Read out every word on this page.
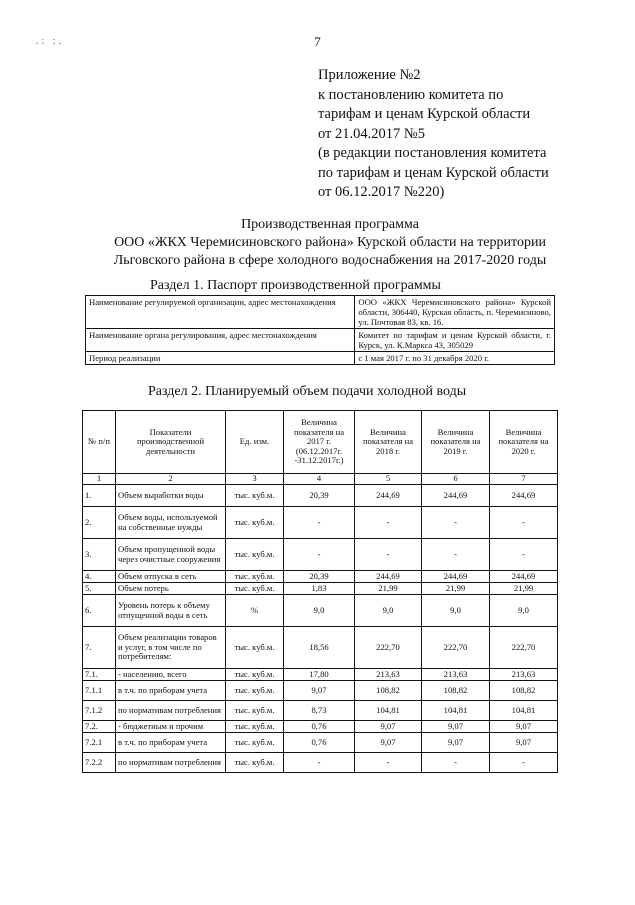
.: :.	7
Приложение №2
к постановлению комитета по
тарифам и ценам Курской области
от 21.04.2017 №5
(в редакции постановления комитета
по тарифам и ценам Курской области
от 06.12.2017 №220)
Производственная программа
ООО «ЖКХ Черемисиновского района» Курской области на территории
Льговского района в сфере холодного водоснабжения на 2017-2020 годы
Раздел 1. Паспорт производственной программы
Наименование регулируемой организации, адрес местонахождения	ООО «ЖКХ Черемисиновского района» Курской области, 306440, Курская область, п. Черемисиново, ул. Почтовая 83, кв. 16.
Наименование органа регулирования, адрес местонахождения	Комитет по тарифам и ценам Курской области, г. Курск, ул. К.Маркса 43, 305029
Период реализации	с 1 мая 2017 г. по 31 декабря 2020 г.
Раздел 2. Планируемый объем подачи холодной воды
№ п/п	Показатели производственной деятельности	Ед. изм.	Величина показателя на 2017 г. (06.12.2017г. -31.12.2017г.)	Величина показателя на 2018 г.	Величина показателя на 2019 г.	Величина показателя на 2020 г.
1	2	3	4	5	6	7
1.	Объем выработки воды	тыс. куб.м.	20,39	244,69	244,69	244,69
2.	Объем воды, используемой на собственные нужды	тыс. куб.м.	-	-	-	-
3.	Объем пропущенной воды через очистные сооружения	тыс. куб.м.	-	-	-	-
4.	Объем отпуска в сеть	тыс. куб.м.	20,39	244,69	244,69	244,69
5.	Объем потерь	тыс. куб.м.	1,83	21,99	21,99	21,99
6.	Уровень потерь к объему отпущенной воды в сеть	%	9,0	9,0	9,0	9,0
7.	Объем реализации товаров и услуг, в том числе по потребителям:	тыс. куб.м.	18,56	222,70	222,70	222,70
7.1.	- населению, всего	тыс. куб.м.	17,80	213,63	213,63	213,63
7.1.1	в т.ч. по приборам учета	тыс. куб.м.	9,07	108,82	108,82	108,82
7.1.2	по нормативам потребления	тыс. куб.м.	8,73	104,81	104,81	104,81
7.2.	- бюджетным и прочим	тыс. куб.м.	0,76	9,07	9,07	9,07
7.2.1	в т.ч. по приборам учета	тыс. куб.м.	0,76	9,07	9,07	9,07
7.2.2	по нормативам потребления	тыс. куб.м.	-	-	-	-
